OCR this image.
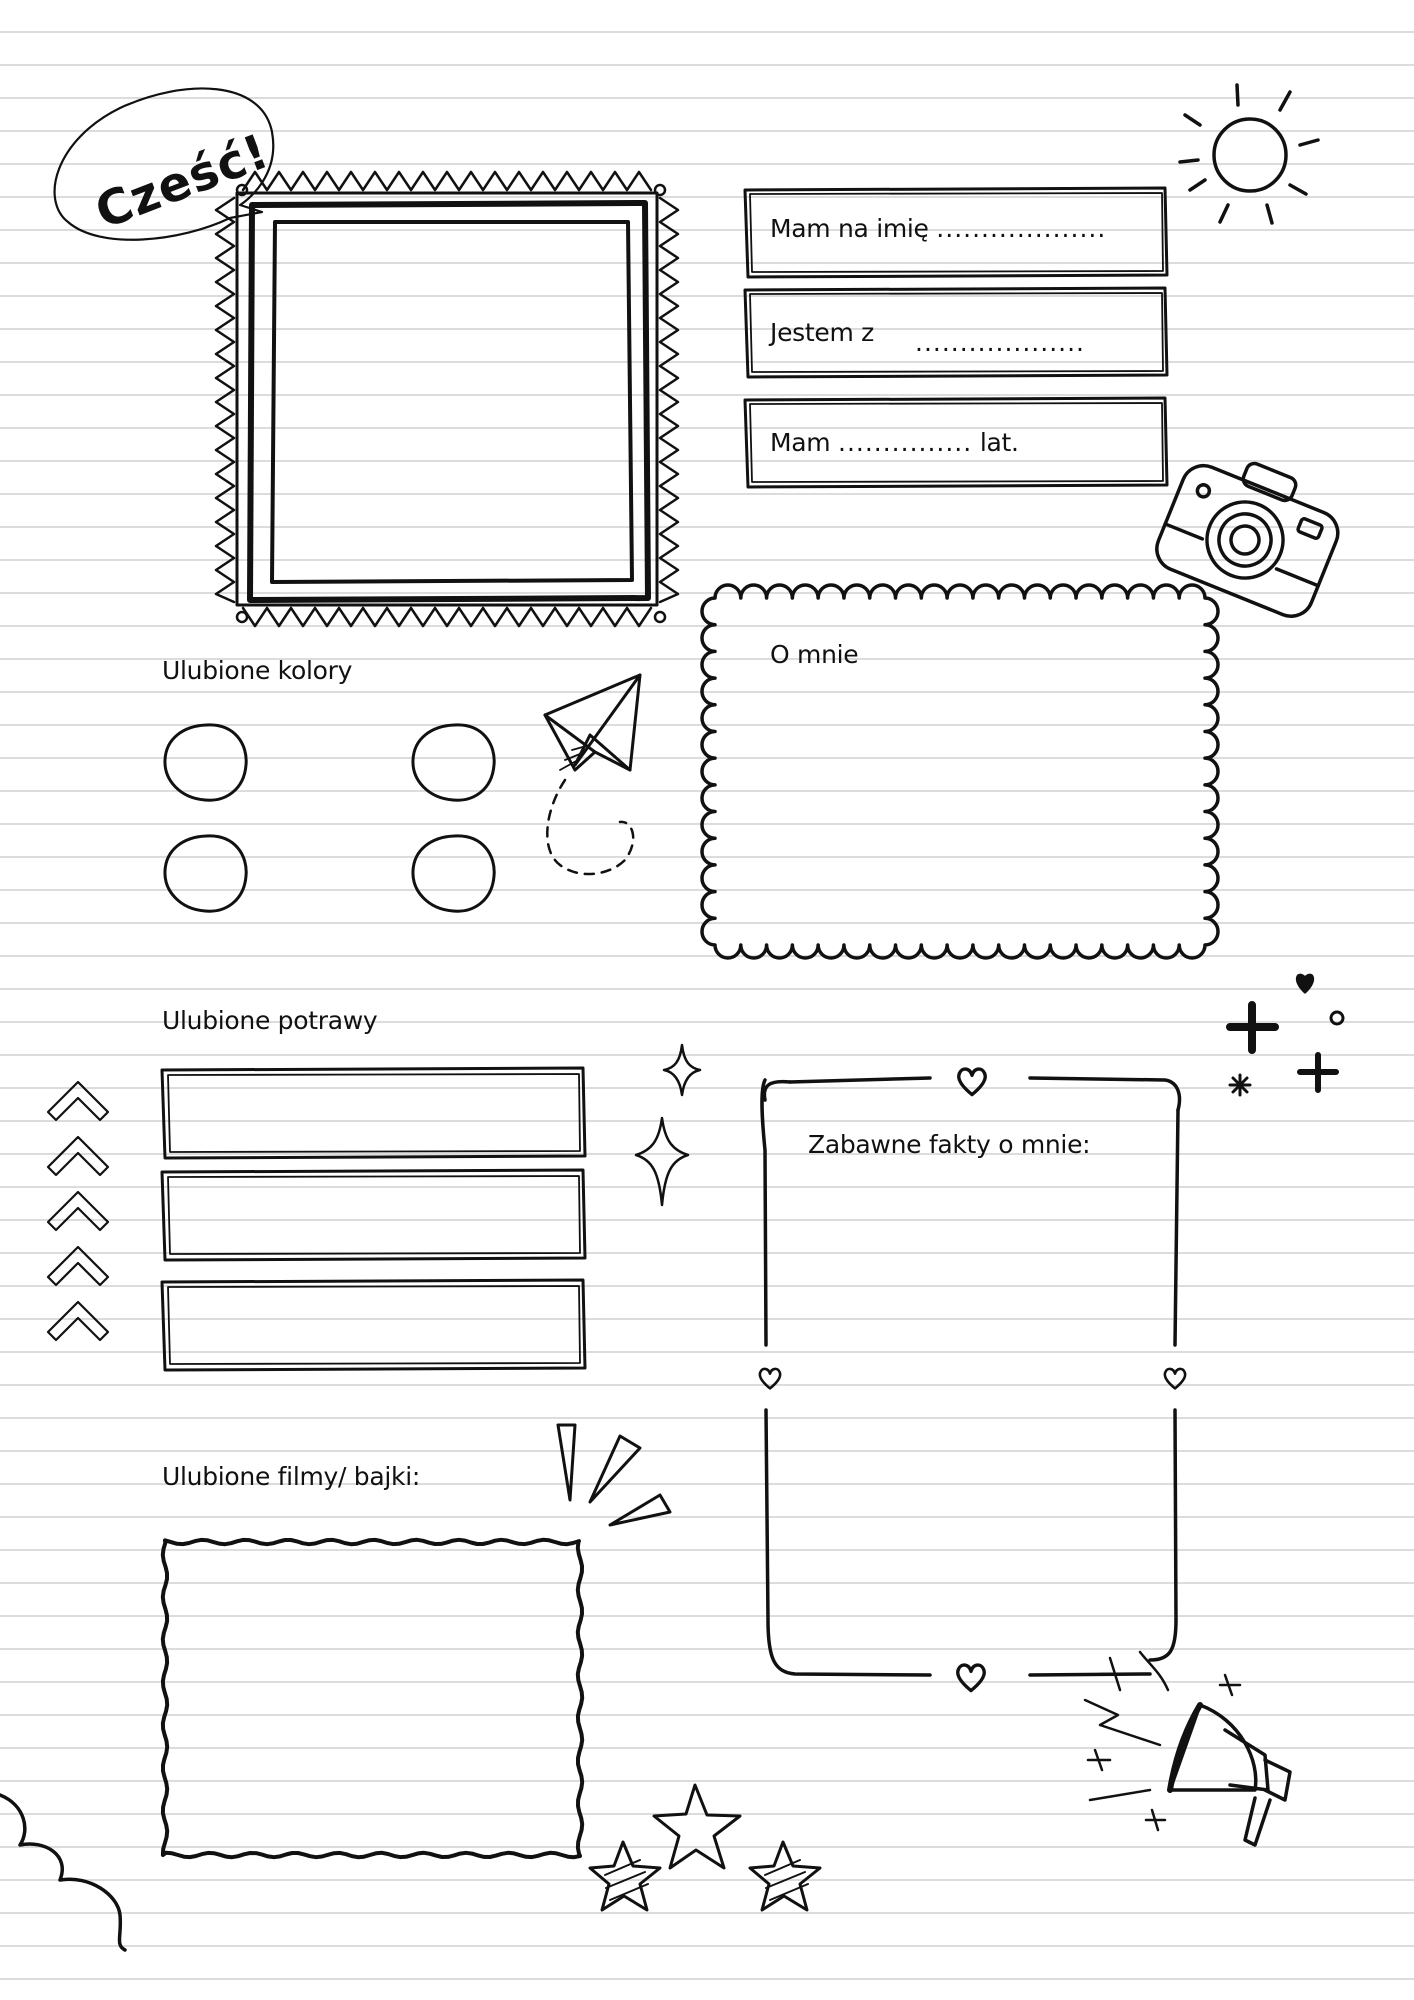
Cześć!	Mam na imię ...................
Jestem z ...................
Mam ............... lat.
O mnie
Ulubione kolory
Ulubione potrawy
Zabawne fakty o mnie:
Ulubione filmy/ bajki:
